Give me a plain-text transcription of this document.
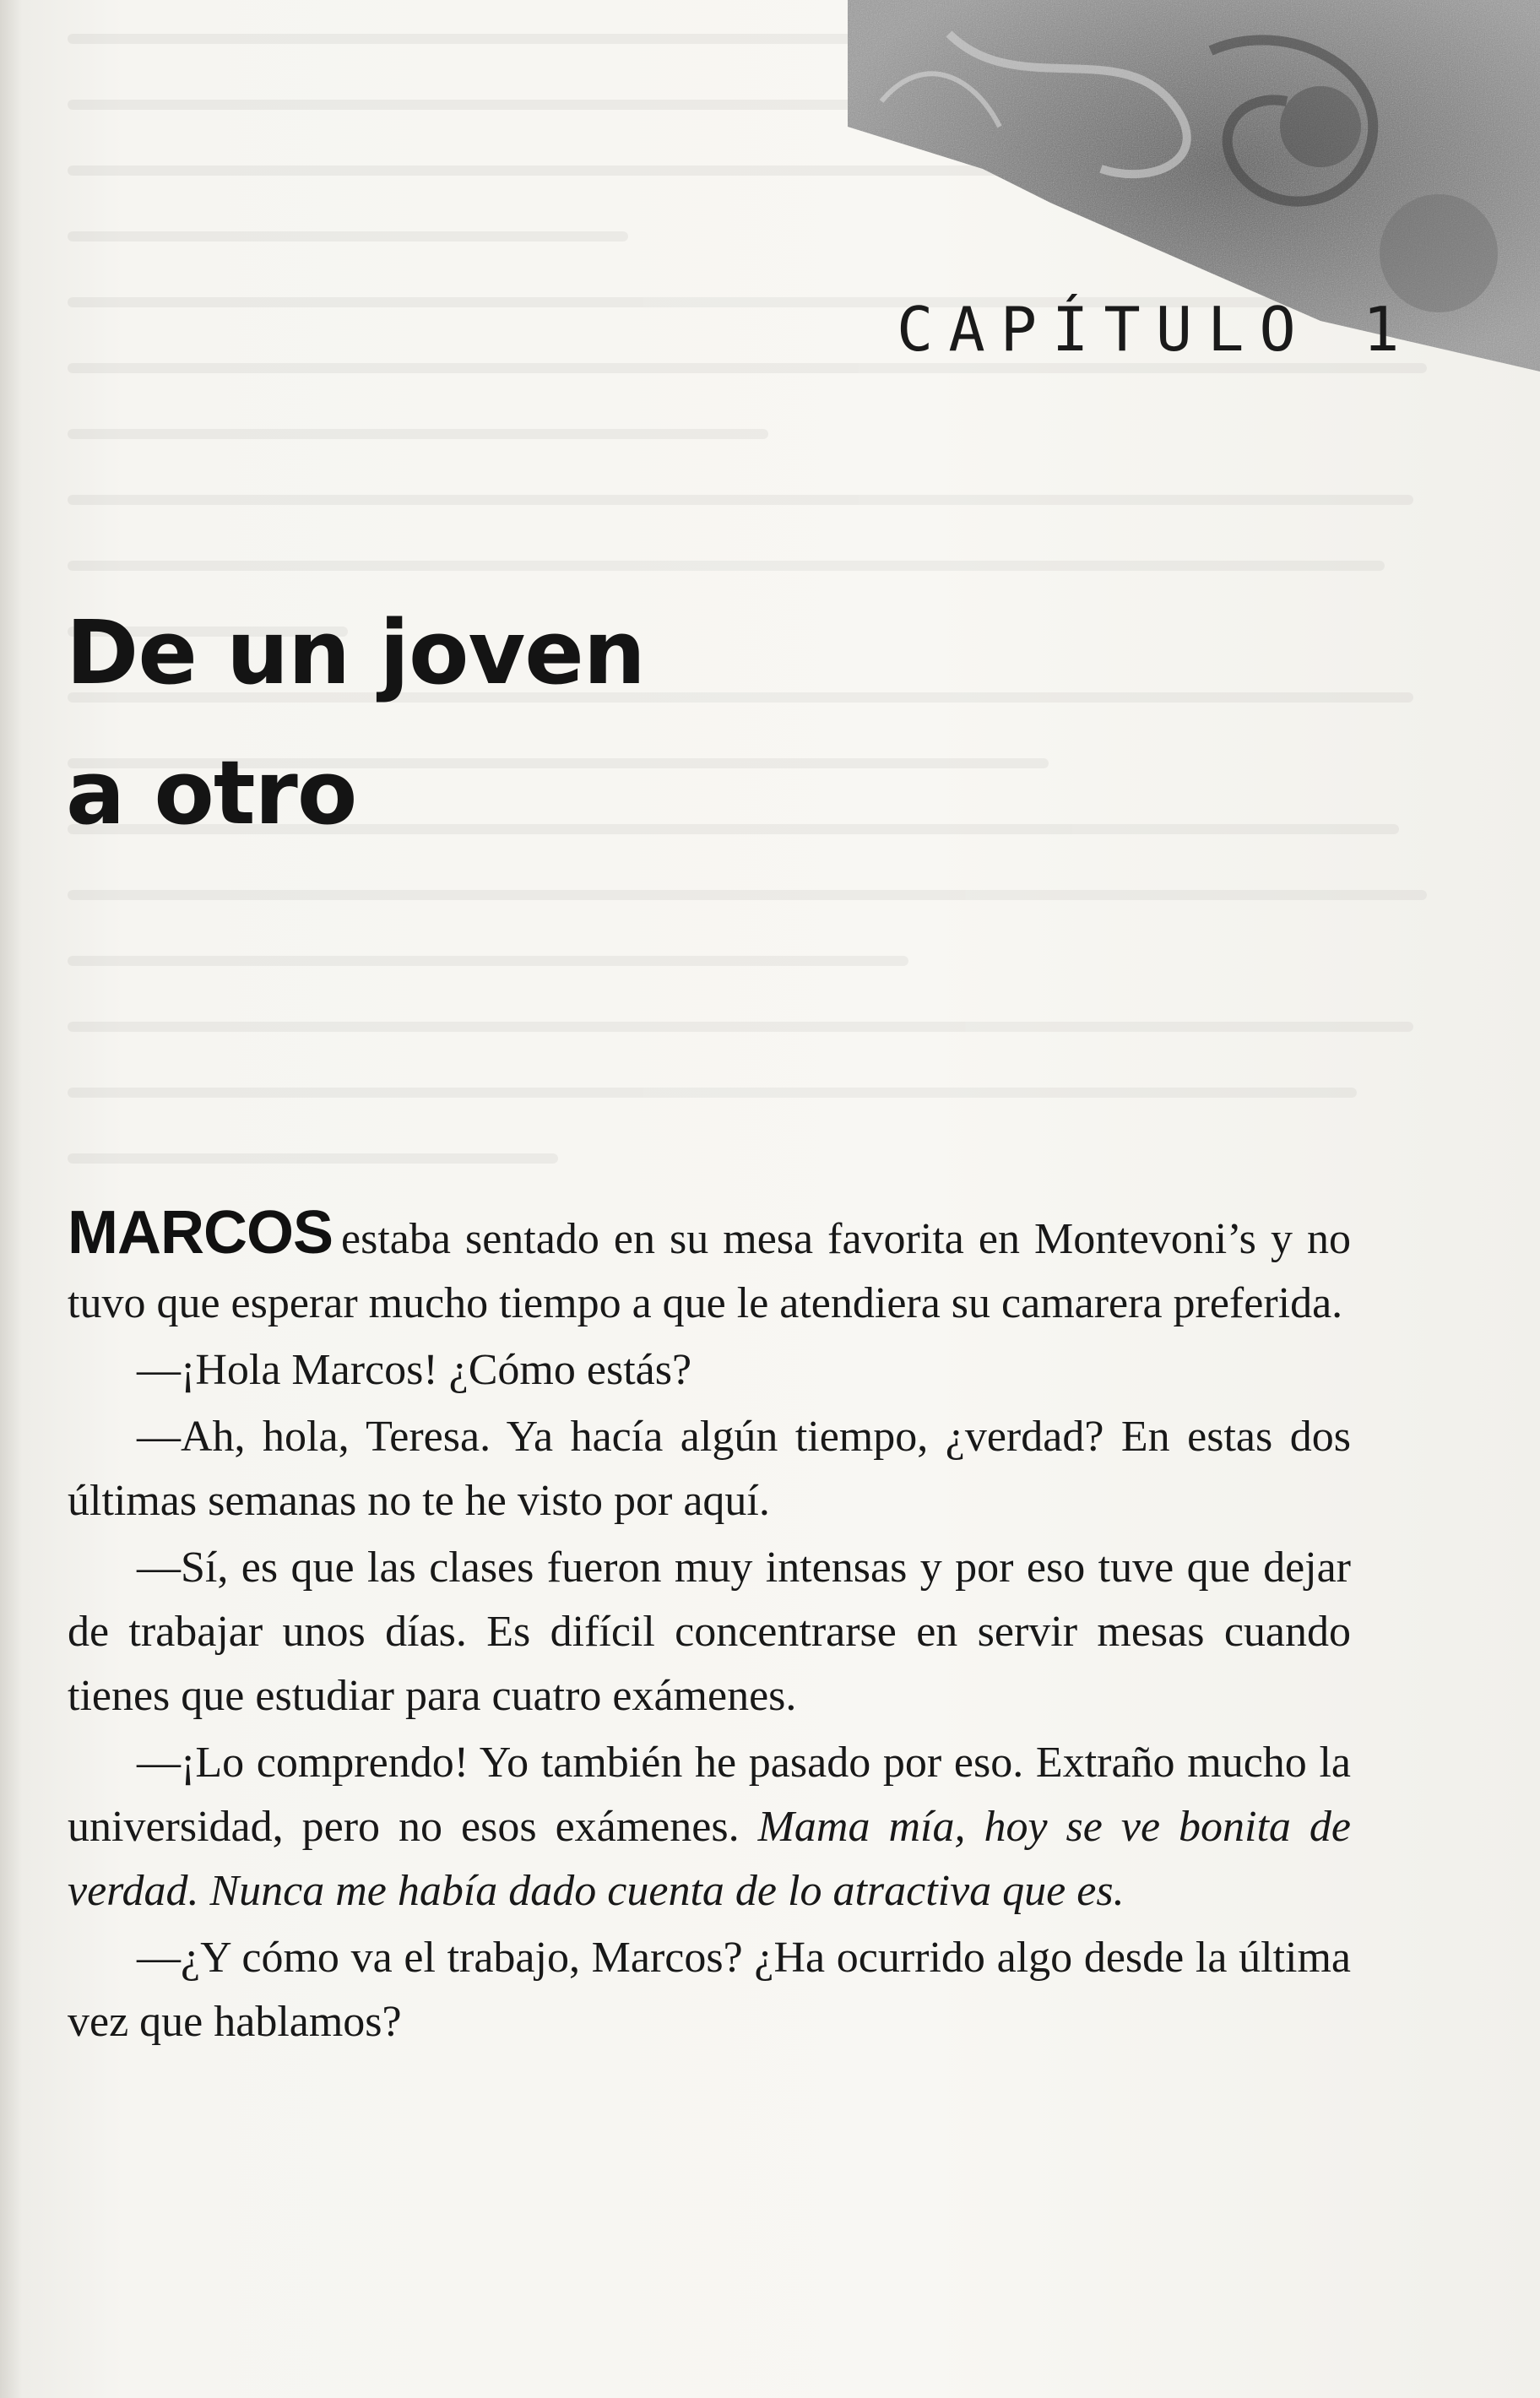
CAPÍTULO 1
De un joven
a otro

MARCOS estaba sentado en su mesa favorita en Montevoni’s y no tuvo que esperar mucho tiempo a que le atendiera su camarera preferida.

—¡Hola Marcos! ¿Cómo estás?

—Ah, hola, Teresa. Ya hacía algún tiempo, ¿verdad? En estas dos últimas semanas no te he visto por aquí.

—Sí, es que las clases fueron muy intensas y por eso tuve que dejar de trabajar unos días. Es difícil concentrarse en servir mesas cuando tienes que estudiar para cuatro exámenes.

—¡Lo comprendo! Yo también he pasado por eso. Extraño mucho la universidad, pero no esos exámenes. Mama mía, hoy se ve bonita de verdad. Nunca me había dado cuenta de lo atractiva que es.

—¿Y cómo va el trabajo, Marcos? ¿Ha ocurrido algo desde la última vez que hablamos?
